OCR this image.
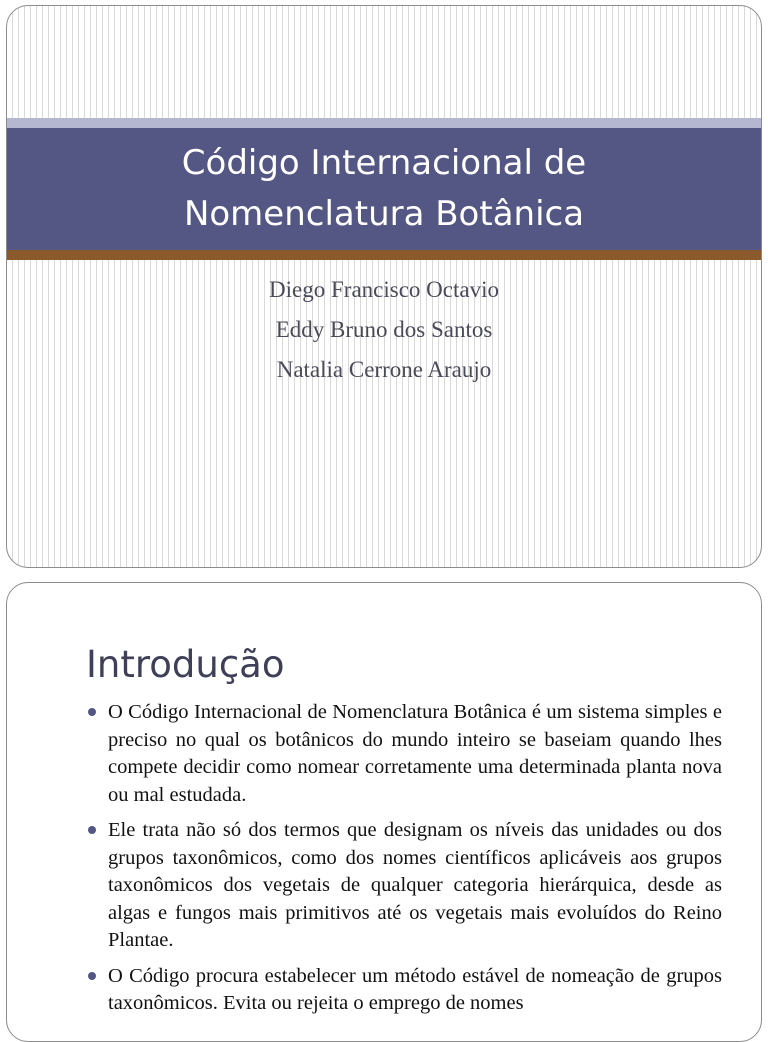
Código Internacional de Nomenclatura Botânica
Diego Francisco Octavio
Eddy Bruno dos Santos
Natalia Cerrone Araujo
Introdução
O Código Internacional de Nomenclatura Botânica é um sistema simples e preciso no qual os botânicos do mundo inteiro se baseiam quando lhes compete decidir como nomear corretamente uma determinada planta nova ou mal estudada.
Ele trata não só dos termos que designam os níveis das unidades ou dos grupos taxonômicos, como dos nomes científicos aplicáveis aos grupos taxonômicos dos vegetais de qualquer categoria hierárquica, desde as algas e fungos mais primitivos até os vegetais mais evoluídos do Reino Plantae.
O Código procura estabelecer um método estável de nomeação de grupos taxonômicos. Evita ou rejeita o emprego de nomes
